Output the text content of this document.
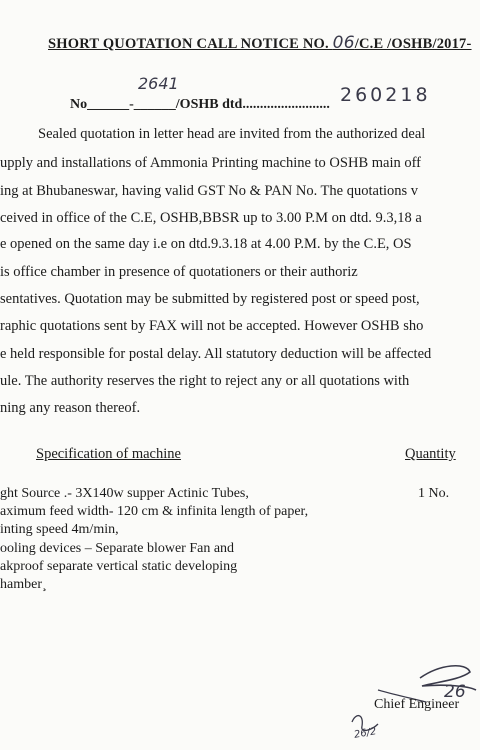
SHORT QUOTATION CALL NOTICE NO. 06/C.E /OSHB/2017-
2641
260218
No______-______/OSHB dtd.........................
Sealed quotation in letter head are invited from the authorized deal
upply and installations of Ammonia Printing machine to OSHB main off
ing at Bhubaneswar, having valid GST No & PAN No. The quotations v
ceived in office of the C.E, OSHB,BBSR up to 3.00 P.M on dtd. 9.3,18 a
e opened on the same day i.e on dtd.9.3.18 at 4.00 P.M. by the C.E, OS
is office chamber in presence of quotationers or their authoriz
sentatives. Quotation may be submitted by registered post or speed post,
raphic quotations sent by FAX will not be accepted. However OSHB sho
e held responsible for postal delay. All statutory deduction will be affected
ule. The authority reserves the right to reject any or all quotations with
ning any reason thereof.
Specification of machine	Quantity
ght Source .- 3X140w supper Actinic Tubes,
aximum feed width- 120 cm & infinita length of paper,
inting speed 4m/min,
ooling devices – Separate blower Fan and
akproof separate vertical static developing
hamber¸
1 No.
26
Chief Engineer
26/2
